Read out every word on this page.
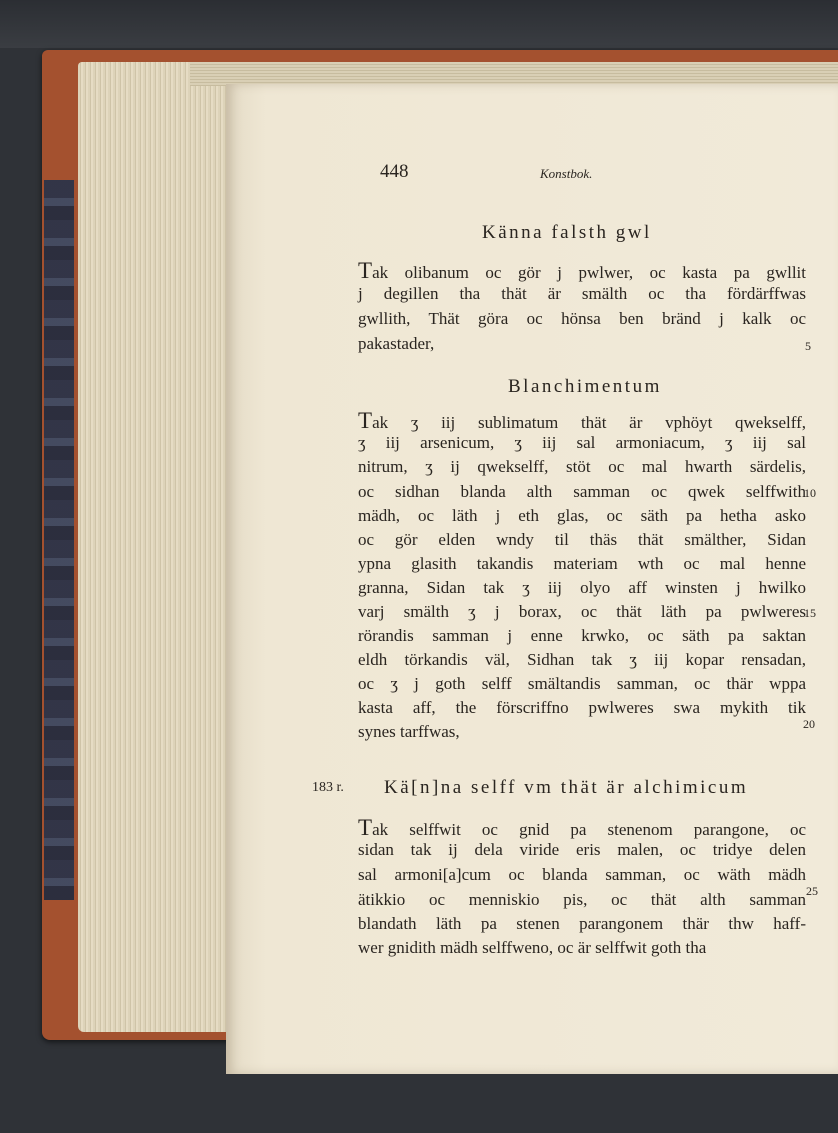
448	Konstbok.
Känna falsth gwl
Tak olibanum oc gör j pwlwer, oc kasta pa gwllit
j degillen tha thät är smälth oc tha fördärffwas
gwllith, Thät göra oc hönsa ben bränd j kalk oc
pakastader,	5
Blanchimentum
Tak ʒ iij sublimatum thät är vphöyt qwekselff,
ʒ iij arsenicum, ʒ iij sal armoniacum, ʒ iij sal
nitrum, ʒ ij qwekselff, stöt oc mal hwarth särdelis,
oc sidhan blanda alth samman oc qwek selffwith
10
mädh, oc läth j eth glas, oc säth pa hetha asko
oc gör elden wndy til thäs thät smälther, Sidan
ypna glasith takandis materiam wth oc mal henne
granna, Sidan tak ʒ iij olyo aff winsten j hwilko
varj smälth ʒ j borax, oc thät läth pa pwlweres
15
rörandis samman j enne krwko, oc säth pa saktan
eldh törkandis väl, Sidhan tak ʒ iij kopar rensadan,
oc ʒ j goth selff smältandis samman, oc thär wppa
kasta aff, the förscriffno pwlweres swa mykith tik
synes tarffwas,	20
183 r. Kä[n]na selff vm thät är alchimicum
Tak selffwit oc gnid pa stenenom parangone, oc
sidan tak ij dela viride eris malen, oc tridye delen
sal armoni[a]cum oc blanda samman, oc wäth mädh
ätikkio oc menniskio pis, oc thät alth samman 25
blandath läth pa stenen parangonem thär thw haff-
wer gnidith mädh selffweno, oc är selffwit goth tha
